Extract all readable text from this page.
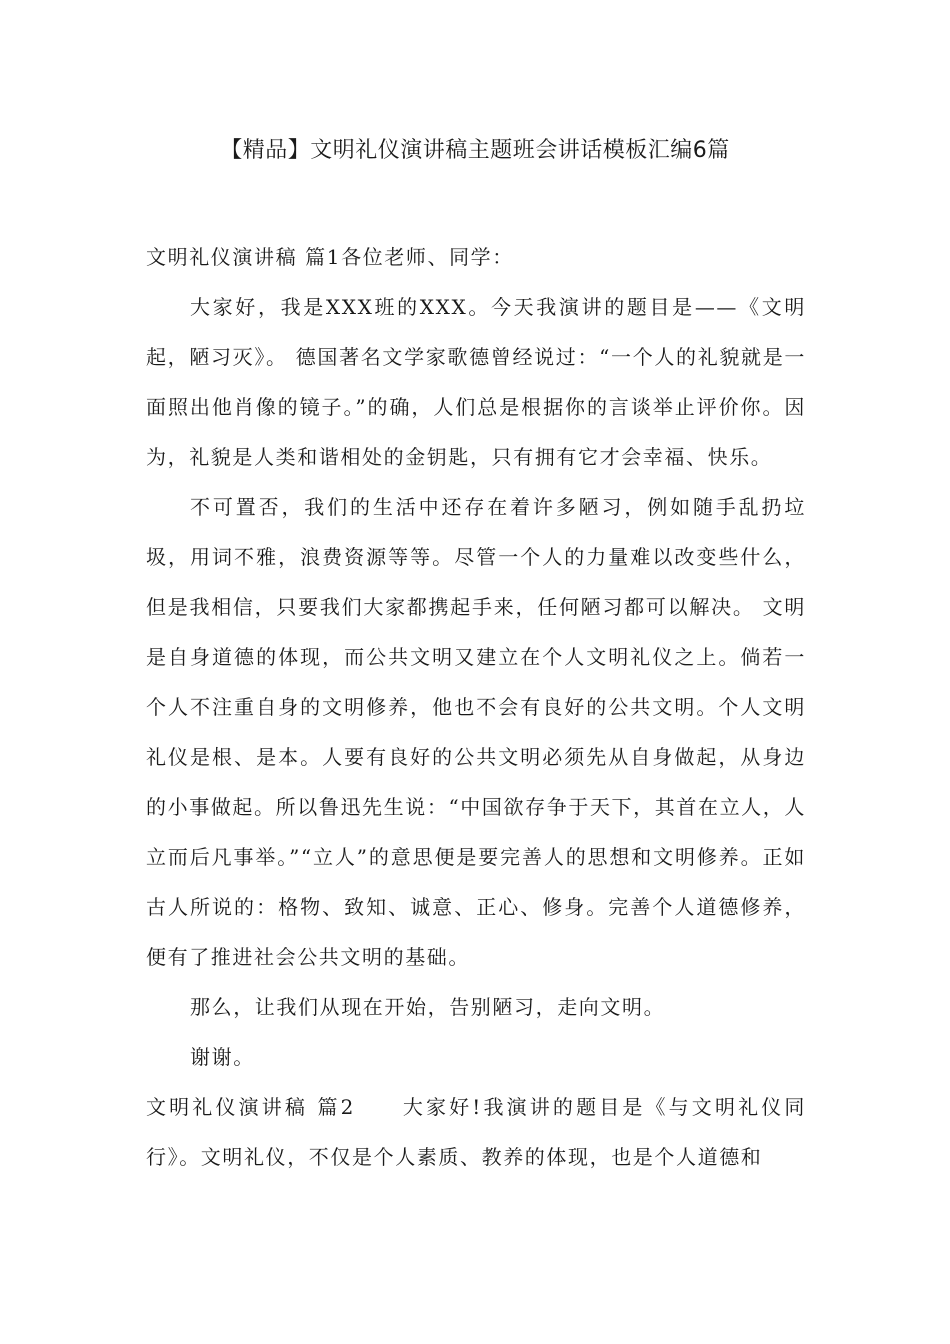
【精品】文明礼仪演讲稿主题班会讲话模板汇编6篇

文明礼仪演讲稿 篇1各位老师、同学：

大家好，我是XXX班的XXX。今天我演讲的题目是——《文明起，陋习灭》。 德国著名文学家歌德曾经说过：“一个人的礼貌就是一面照出他肖像的镜子。”的确，人们总是根据你的言谈举止评价你。因为，礼貌是人类和谐相处的金钥匙，只有拥有它才会幸福、快乐。

不可置否，我们的生活中还存在着许多陋习，例如随手乱扔垃圾，用词不雅，浪费资源等等。尽管一个人的力量难以改变些什么，但是我相信，只要我们大家都携起手来，任何陋习都可以解决。 文明是自身道德的体现，而公共文明又建立在个人文明礼仪之上。倘若一个人不注重自身的文明修养，他也不会有良好的公共文明。个人文明礼仪是根、是本。人要有良好的公共文明必须先从自身做起，从身边的小事做起。所以鲁迅先生说：“中国欲存争于天下，其首在立人，人立而后凡事举。”“立人”的意思便是要完善人的思想和文明修养。正如古人所说的：格物、致知、诚意、正心、修身。完善个人道德修养，便有了推进社会公共文明的基础。

那么，让我们从现在开始，告别陋习，走向文明。

谢谢。

文明礼仪演讲稿 篇2　　大家好!我演讲的题目是《与文明礼仪同行》。文明礼仪，不仅是个人素质、教养的体现，也是个人道德和
